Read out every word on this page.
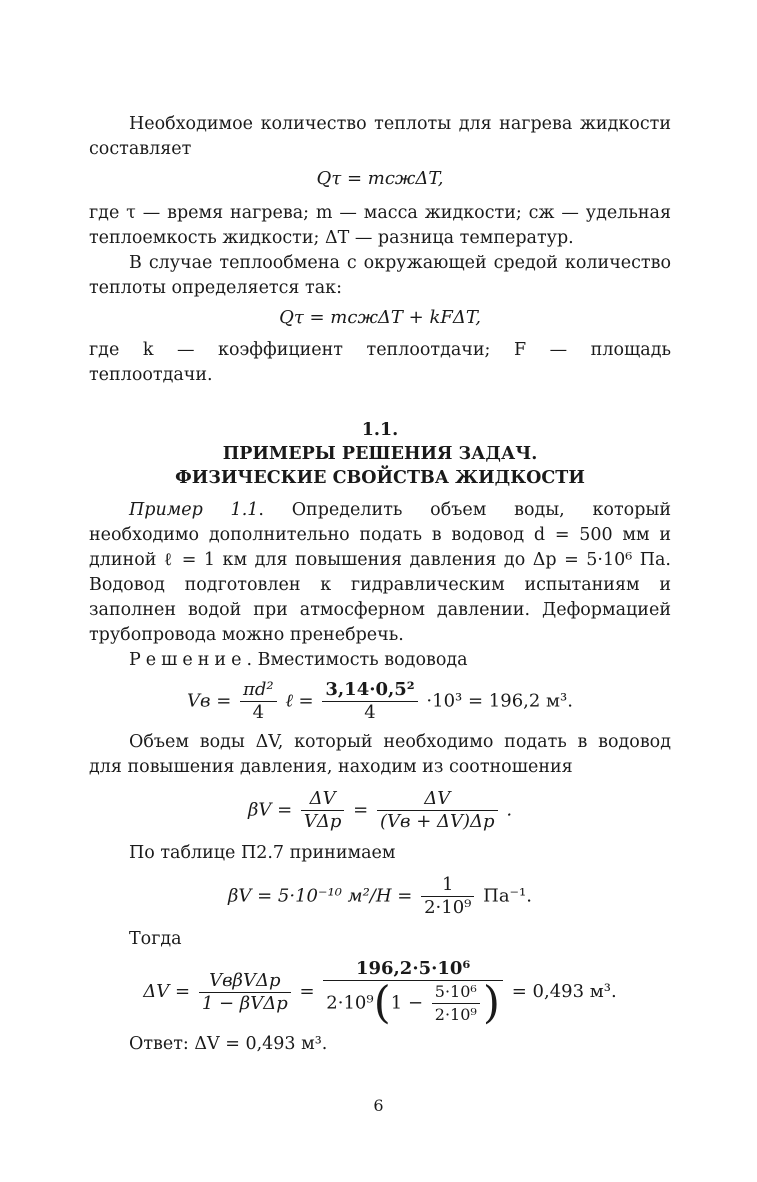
Необходимое количество теплоты для нагрева жидкости составляет

Qτ = mcжΔT,

где τ — время нагрева; m — масса жидкости; cж — удельная теплоемкость жидкости; ΔT — разница температур.

В случае теплообмена с окружающей средой количество теплоты определяется так:

Qτ = mcжΔT + kFΔT,

где k — коэффициент теплоотдачи; F — площадь теплоотдачи.

1.1.
ПРИМЕРЫ РЕШЕНИЯ ЗАДАЧ.
ФИЗИЧЕСКИЕ СВОЙСТВА ЖИДКОСТИ

Пример 1.1. Определить объем воды, который необходимо дополнительно подать в водовод d = 500 мм и длиной ℓ = 1 км для повышения давления до Δp = 5·10⁶ Па. Водовод подготовлен к гидравлическим испытаниям и заполнен водой при атмосферном давлении. Деформацией трубопровода можно пренебречь.

Решение. Вместимость водовода

Vв = $\frac{\text{πd²}}{4}$ ℓ = $\frac{\text{3,14·0,5²}}{4} \cdot 10^3 = 196,2$ м³.

Объем воды ΔV, который необходимо подать в водовод для повышения давления, находим из соотношения

$\beta V = \frac{\Delta V}{\text{VΔp}} = \frac{\Delta V}{(Vв + \Delta V)\Delta p}$ .

По таблице П2.7 принимаем

βV = 5·10⁻¹⁰ $м^2/Н = \frac{1}{\text{2·10⁹}} Па^{-1}$.

Тогда

$\Delta V = \frac{\text{VвβVΔp}}{\text{1 − βVΔp}} = \frac{\text{196,2·5·10⁶}}{2\cdot 10^9(1 - \frac{\text{5·10⁶}}{\text{2·10⁹}} )} = 0,493$ м³.

Ответ: ΔV = 0,493 м³.

6
